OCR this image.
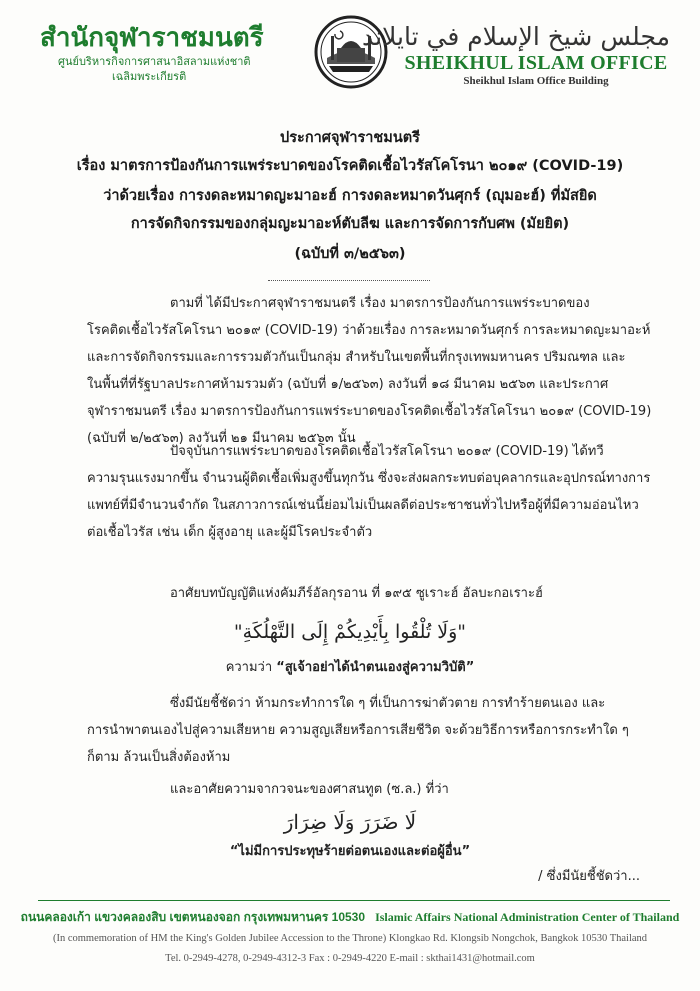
สำนักจุฬาราชมนตรี
ศูนย์บริหารกิจการศาสนาอิสลามแห่งชาติ
เฉลิมพระเกียรติ
مجلس شيخ الإسلام في تايلاند
SHEIKHUL ISLAM OFFICE
Sheikhul Islam Office Building
ประกาศจุฬาราชมนตรี
เรื่อง มาตรการป้องกันการแพร่ระบาดของโรคติดเชื้อไวรัสโคโรนา ๒๐๑๙ (COVID-19)
ว่าด้วยเรื่อง การงดละหมาดญะมาอะฮ์ การงดละหมาดวันศุกร์ (ญุมอะฮ์) ที่มัสยิด
การจัดกิจกรรมของกลุ่มญะมาอะห์ตับลีฆ และการจัดการกับศพ (มัยยิต)
(ฉบับที่ ๓/๒๕๖๓)
ตามที่ ได้มีประกาศจุฬาราชมนตรี เรื่อง มาตรการป้องกันการแพร่ระบาดของ
โรคติดเชื้อไวรัสโคโรนา ๒๐๑๙ (COVID-19) ว่าด้วยเรื่อง การละหมาดวันศุกร์ การละหมาดญะมาอะห์
และการจัดกิจกรรมและการรวมตัวกันเป็นกลุ่ม สำหรับในเขตพื้นที่กรุงเทพมหานคร ปริมณฑล และ
ในพื้นที่ที่รัฐบาลประกาศห้ามรวมตัว (ฉบับที่ ๑/๒๕๖๓) ลงวันที่ ๑๘ มีนาคม ๒๕๖๓ และประกาศ
จุฬาราชมนตรี เรื่อง มาตรการป้องกันการแพร่ระบาดของโรคติดเชื้อไวรัสโคโรนา ๒๐๑๙ (COVID-19)
(ฉบับที่ ๒/๒๕๖๓) ลงวันที่ ๒๑ มีนาคม ๒๕๖๓ นั้น
ปัจจุบันการแพร่ระบาดของโรคติดเชื้อไวรัสโคโรนา ๒๐๑๙ (COVID-19) ได้ทวี
ความรุนแรงมากขึ้น จำนวนผู้ติดเชื้อเพิ่มสูงขึ้นทุกวัน ซึ่งจะส่งผลกระทบต่อบุคลากรและอุปกรณ์ทางการ
แพทย์ที่มีจำนวนจำกัด ในสภาวการณ์เช่นนี้ย่อมไม่เป็นผลดีต่อประชาชนทั่วไปหรือผู้ที่มีความอ่อนไหว
ต่อเชื้อไวรัส เช่น เด็ก ผู้สูงอายุ และผู้มีโรคประจำตัว
อาศัยบทบัญญัติแห่งคัมภีร์อัลกุรอาน ที่ ๑๙๕ ซูเราะฮ์ อัลบะกอเราะฮ์
"وَلَا تُلْقُوا بِأَيْدِيكُمْ إِلَى التَّهْلُكَةِ"
ความว่า “สูเจ้าอย่าได้นำตนเองสู่ความวิบัติ”
ซึ่งมีนัยชี้ชัดว่า ห้ามกระทำการใด ๆ ที่เป็นการฆ่าตัวตาย การทำร้ายตนเอง และ
การนำพาตนเองไปสู่ความเสียหาย ความสูญเสียหรือการเสียชีวิต จะด้วยวิธีการหรือการกระทำใด ๆ
ก็ตาม ล้วนเป็นสิ่งต้องห้าม
และอาศัยความจากวจนะของศาสนทูต (ซ.ล.) ที่ว่า
لَا ضَرَرَ وَلَا ضِرَارَ
“ไม่มีการประทุษร้ายต่อตนเองและต่อผู้อื่น”
/ ซึ่งมีนัยชี้ชัดว่า...
ถนนคลองเก้า แขวงคลองสิบ เขตหนองจอก กรุงเทพมหานคร 10530 Islamic Affairs National Administration Center of Thailand
(In commemoration of HM the King's Golden Jubilee Accession to the Throne) Klongkao Rd. Klongsib Nongchok, Bangkok 10530 Thailand
Tel. 0-2949-4278, 0-2949-4312-3 Fax : 0-2949-4220 E-mail : skthai1431@hotmail.com
